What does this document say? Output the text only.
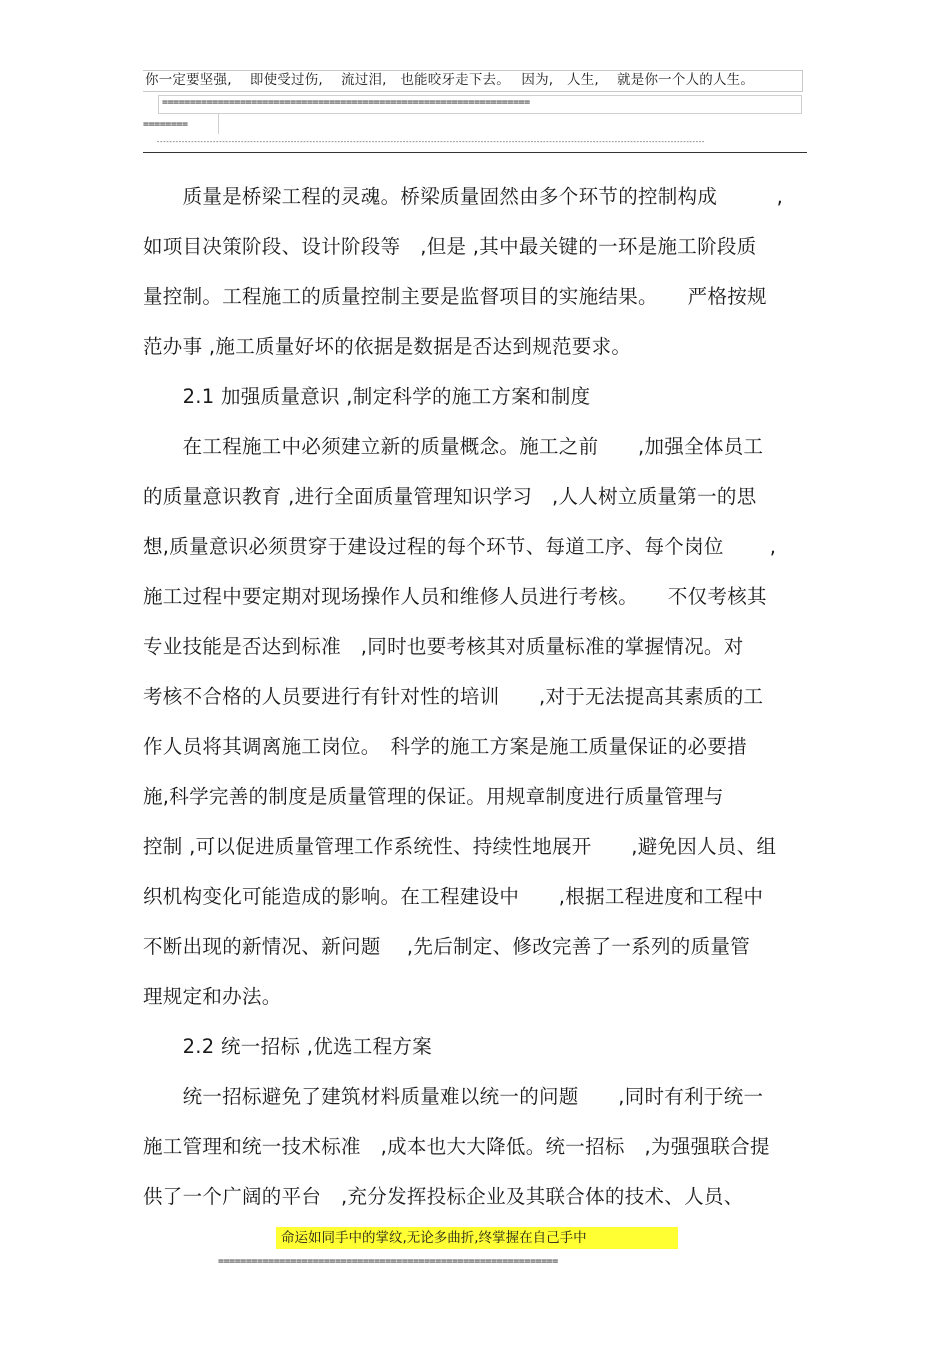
你一定要坚强,　 即使受过伤,　 流过泪,　也能咬牙走下去。　 因为,　人生,　 就是你一个人的人生。
==================================================================
========
--------------------------------------------------------------------------------------------------------------------------------------------------------------------------------
　　质量是桥梁工程的灵魂。桥梁质量固然由多个环节的控制构成　　　,
如项目决策阶段、设计阶段等　,但是 ,其中最关键的一环是施工阶段质
量控制。工程施工的质量控制主要是监督项目的实施结果。　　严格按规
范办事 ,施工质量好坏的依据是数据是否达到规范要求。
　　2.1 加强质量意识 ,制定科学的施工方案和制度
　　在工程施工中必须建立新的质量概念。施工之前　　,加强全体员工
的质量意识教育 ,进行全面质量管理知识学习　,人人树立质量第一的思
想,质量意识必须贯穿于建设过程的每个环节、每道工序、每个岗位　　 ,
施工过程中要定期对现场操作人员和维修人员进行考核。　　不仅考核其
专业技能是否达到标准　,同时也要考核其对质量标准的掌握情况。对
考核不合格的人员要进行有针对性的培训　　,对于无法提高其素质的工
作人员将其调离施工岗位。　科学的施工方案是施工质量保证的必要措
施,科学完善的制度是质量管理的保证。用规章制度进行质量管理与
控制 ,可以促进质量管理工作系统性、持续性地展开　　,避免因人员、组
织机构变化可能造成的影响。在工程建设中　　,根据工程进度和工程中
不断出现的新情况、新问题　 ,先后制定、修改完善了一系列的质量管
理规定和办法。
　　2.2 统一招标 ,优选工程方案
　　统一招标避免了建筑材料质量难以统一的问题　　,同时有利于统一
施工管理和统一技术标准　,成本也大大降低。统一招标　,为强强联合提
供了一个广阔的平台　,充分发挥投标企业及其联合体的技术、人员、
命运如同手中的掌纹,无论多曲折,终掌握在自己手中
=============================================================
